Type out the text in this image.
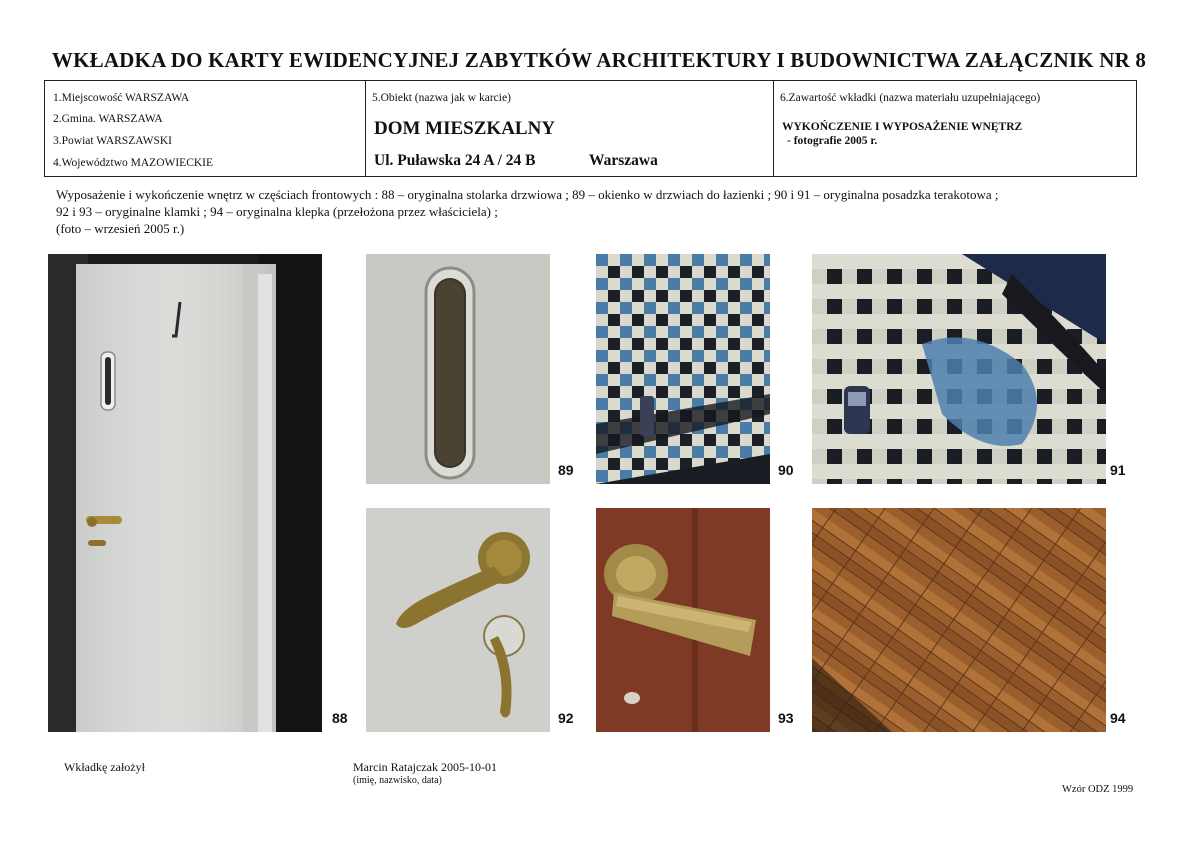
WKŁADKA DO KARTY EWIDENCYJNEJ ZABYTKÓW ARCHITEKTURY I BUDOWNICTWA ZAŁĄCZNIK NR 8
1.Miejscowość WARSZAWA
2.Gmina. WARSZAWA
3.Powiat WARSZAWSKI
4.Województwo MAZOWIECKIE
5.Obiekt (nazwa jak w karcie)
DOM MIESZKALNY
Ul. Puławska 24 A / 24 B	Warszawa
6.Zawartość wkładki (nazwa materiału uzupełniającego)
WYKOŃCZENIE I WYPOSAŻENIE WNĘTRZ
- fotografie 2005 r.
Wyposażenie i wykończenie wnętrz w częściach frontowych : 88 – oryginalna stolarka drzwiowa ; 89 – okienko w drzwiach do łazienki ; 90 i 91 – oryginalna posadzka terakotowa ;
92 i 93 – oryginalne klamki ; 94 – oryginalna klepka (przełożona przez właściciela) ;
(foto – wrzesień 2005 r.)
88
89	90	91
92	93	94
Wkładkę założył	Marcin Ratajczak 2005-10-01
(imię, nazwisko, data)
Wzór ODZ 1999
